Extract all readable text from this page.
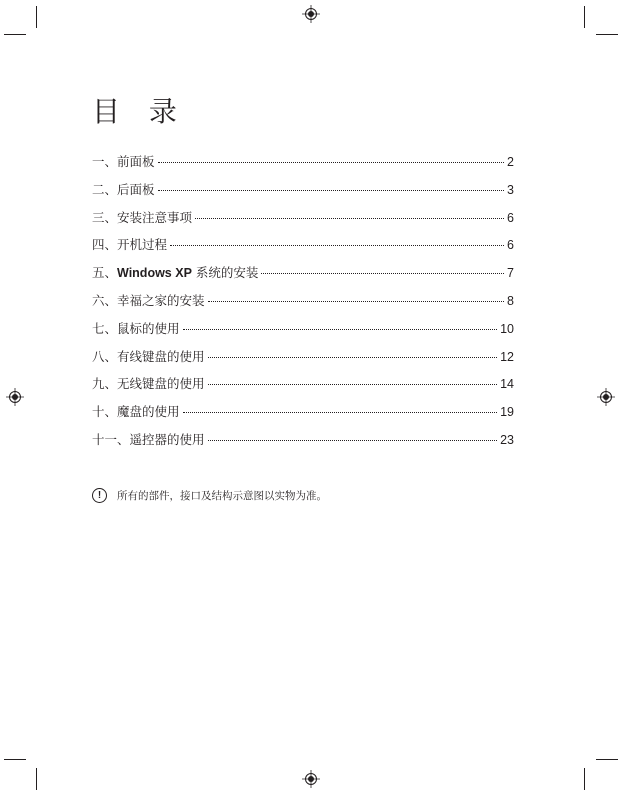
目 录
一、前面板	2
二、后面板	3
三、安装注意事项	6
四、开机过程	6
五、Windows XP 系统的安装	7
六、幸福之家的安装	8
七、鼠标的使用	10
八、有线键盘的使用	12
九、无线键盘的使用	14
十、魔盘的使用	19
十一、遥控器的使用	23
!	所有的部件，接口及结构示意图以实物为准。
